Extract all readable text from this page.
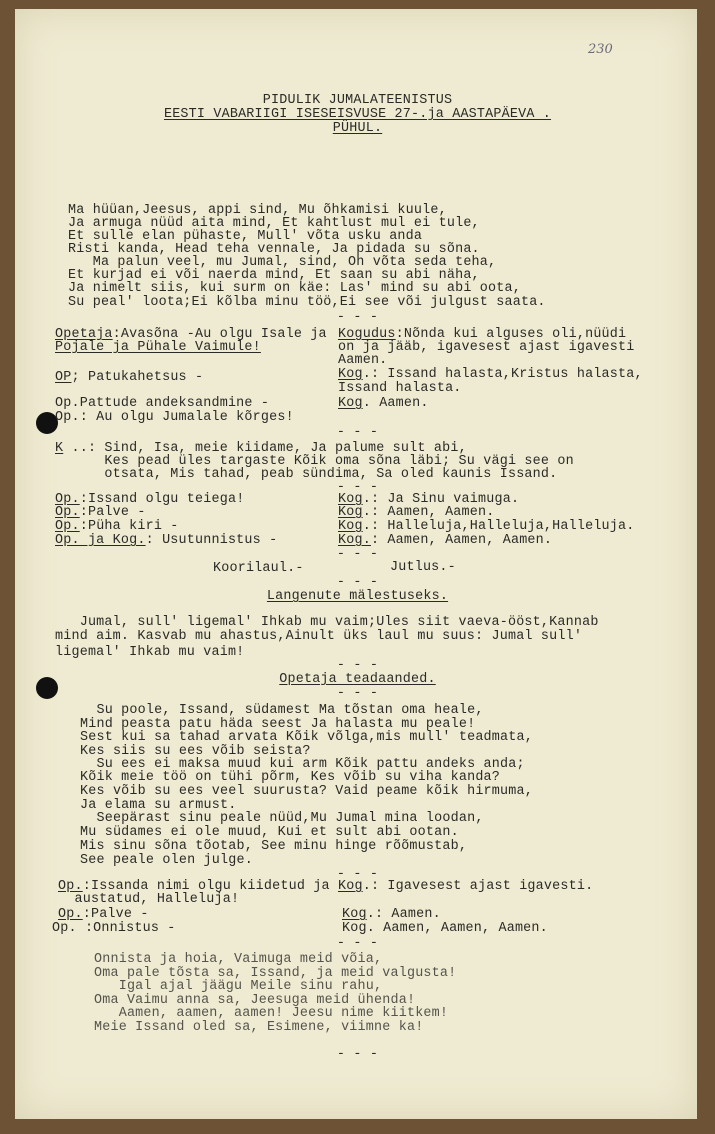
230
PIDULIK JUMALATEENISTUS
EESTI VABARIIGI ISESEISVUSE 27-.ja AASTAPÄEVA .
PÜHUL.
Ma hüüan,Jeesus, appi sind, Mu õhkamisi kuule,
Ja armuga nüüd aita mind, Et kahtlust mul ei tule,
Et sulle elan pühaste, Mull' võta usku anda
Risti kanda, Head teha vennale, Ja pidada su sõna.
Ma palun veel, mu Jumal, sind, Oh võta seda teha,
Et kurjad ei või naerda mind, Et saan su abi näha,
Ja nimelt siis, kui surm on käe: Las' mind su abi oota,
Su peal' loota;Ei kõlba minu töö,Ei see või julgust saata.
- - -
Opetaja:Avasõna -Au olgu Isale ja
Pojale ja Pühale Vaimule!
OP; Patukahetsus -
Op.Pattude andeksandmine -
Op.: Au olgu Jumalale kõrges!
Kogudus:Nõnda kui alguses oli,nüüdi
on ja jääb, igavesest ajast igavesti
Aamen.
Kog.: Issand halasta,Kristus halasta,
Issand halasta.
Kog. Aamen.
- - -
K ..: Sind, Isa, meie kiidame, Ja palume sult abi,
Kes pead üles targaste Kõik oma sõna läbi; Su vägi see on
otsata, Mis tahad, peab sündima, Sa oled kaunis Issand.
- - -
Op.:Issand olgu teiega!
Op.:Palve -
Op.:Püha kiri -
Op. ja Kog.: Usutunnistus -
Kog.: Ja Sinu vaimuga.
Kog.: Aamen, Aamen.
Kog.: Halleluja,Halleluja,Halleluja.
Kog.: Aamen, Aamen, Aamen.
- - -
Koorilaul.-	Jutlus.-
- - -
Langenute mälestuseks.
Jumal, sull' ligemal' Ihkab mu vaim;Ules siit vaeva-ööst,Kannab
mind aim. Kasvab mu ahastus,Ainult üks laul mu suus: Jumal sull'
ligemal' Ihkab mu vaim!
- - -
Opetaja teadaanded.
- - -
Su poole, Issand, südamest Ma tõstan oma heale,
Mind peasta patu häda seest Ja halasta mu peale!
Sest kui sa tahad arvata Kõik võlga,mis mull' teadmata,
Kes siis su ees võib seista?
Su ees ei maksa muud kui arm Kõik pattu andeks anda;
Kõik meie töö on tühi põrm, Kes võib su viha kanda?
Kes võib su ees veel suurusta? Vaid peame kõik hirmuma,
Ja elama su armust.
Seepärast sinu peale nüüd,Mu Jumal mina loodan,
Mu südames ei ole muud, Kui et sult abi ootan.
Mis sinu sõna tõotab, See minu hinge rõõmustab,
See peale olen julge.
- - -
Op.:Issanda nimi olgu kiidetud ja
austatud, Halleluja!
Op.:Palve -
Op. :Onnistus -
Kog.: Igavesest ajast igavesti.
Kog.: Aamen.
Kog. Aamen, Aamen, Aamen.
- - -
Onnista ja hoia, Vaimuga meid võia,
Oma pale tõsta sa, Issand, ja meid valgusta!
Igal ajal jäägu Meile sinu rahu,
Oma Vaimu anna sa, Jeesuga meid ühenda!
Aamen, aamen, aamen! Jeesu nime kiitkem!
Meie Issand oled sa, Esimene, viimne ka!
- - -
